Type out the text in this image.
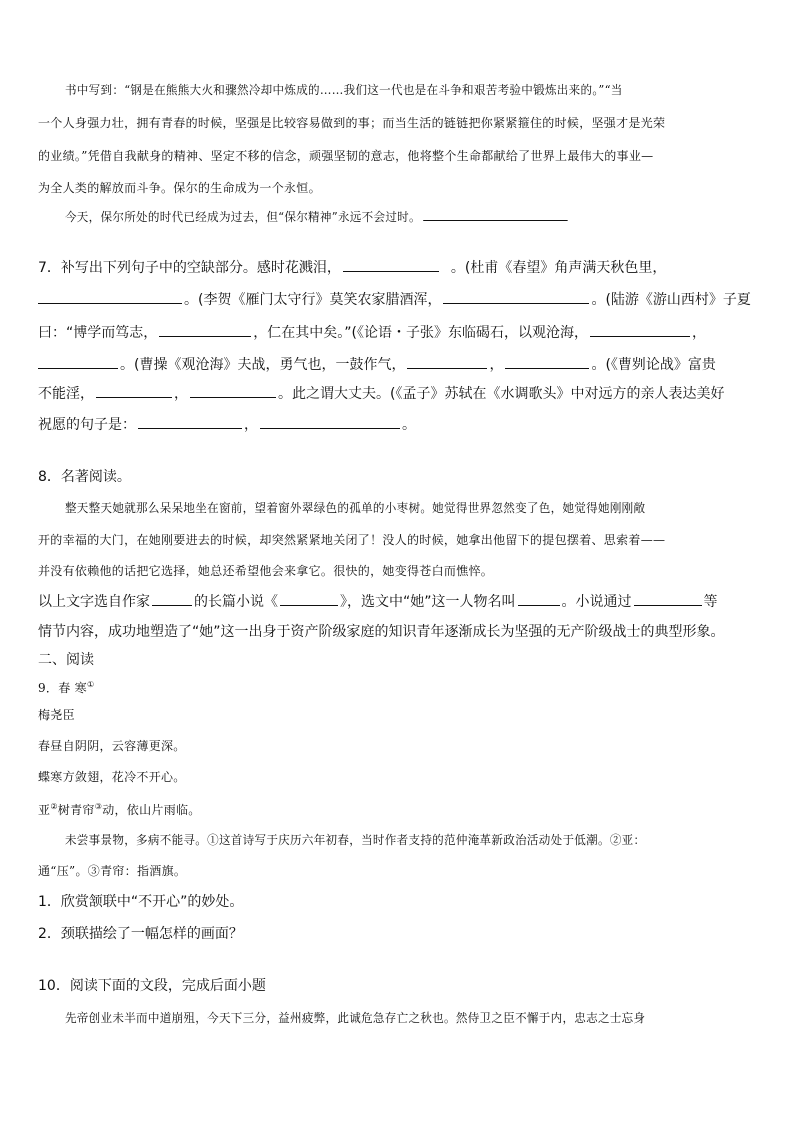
书中写到：“钢是在熊熊大火和骤然冷却中炼成的……我们这一代也是在斗争和艰苦考验中锻炼出来的。”“当
一个人身强力壮，拥有青春的时候，坚强是比较容易做到的事；而当生活的链链把你紧紧箍住的时候，坚强才是光荣
的业绩。”凭借自我献身的精神、坚定不移的信念，顽强坚韧的意志，他将整个生命都献给了世界上最伟大的事业—
为全人类的解放而斗争。保尔的生命成为一个永恒。
今天，保尔所处的时代已经成为过去，但“保尔精神”永远不会过时。
7．补写出下列句子中的空缺部分。感时花溅泪，	。(杜甫《春望》角声满天秋色里，
。(李贺《雁门太守行》莫笑农家腊酒浑，	。(陆游《游山西村》子夏
曰：“博学而笃志，	，仁在其中矣。”(《论语・子张》东临碣石，以观沧海，	，
。(曹操《观沧海》夫战，勇气也，一鼓作气，	，	。(《曹刿论战》富贵
不能淫，	，	。此之谓大丈夫。(《孟子》苏轼在《水调歌头》中对远方的亲人表达美好
祝愿的句子是：	，	。
8．名著阅读。
整天整天她就那么呆呆地坐在窗前，望着窗外翠绿色的孤单的小枣树。她觉得世界忽然变了色，她觉得她刚刚敞
开的幸福的大门，在她刚要进去的时候，却突然紧紧地关闭了！没人的时候，她拿出他留下的提包摆着、思索着——
并没有依赖他的话把它选择，她总还希望他会来拿它。很快的，她变得苍白而憔悴。
以上文字选自作家	的长篇小说《	》，选文中“她”这一人物名叫	。小说通过	等
情节内容，成功地塑造了“她”这一出身于资产阶级家庭的知识青年逐渐成长为坚强的无产阶级战士的典型形象。
二、阅读
9．春 寒①
梅尧臣
春昼自阴阴，云容薄更深。
蝶寒方敛翅，花冷不开心。
亚②树青帘③动，依山片雨临。
未尝事景物，多病不能寻。①这首诗写于庆历六年初春，当时作者支持的范仲淹革新政治活动处于低潮。②亚：
通“压”。③青帘：指酒旗。
1．欣赏颔联中“不开心”的妙处。
2．颈联描绘了一幅怎样的画面？
10．阅读下面的文段，完成后面小题
先帝创业未半而中道崩殂，今天下三分，益州疲弊，此诚危急存亡之秋也。然侍卫之臣不懈于内，忠志之士忘身
